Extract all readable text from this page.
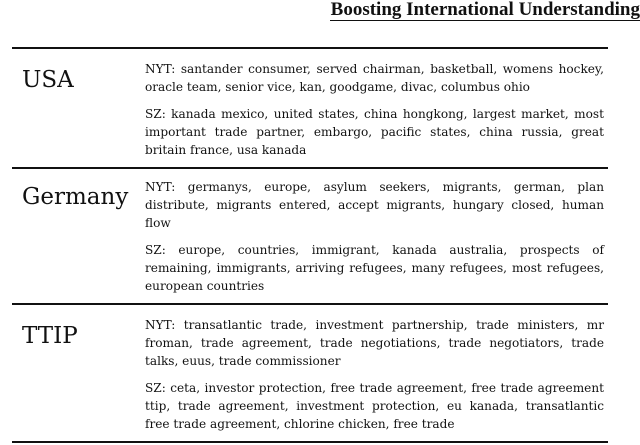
Boosting International Understanding
USA	NYT: santander consumer, served chairman, basketball, womens hockey, oracle team, senior vice, kan, goodgame, divac, columbus ohio
SZ: kanada mexico, united states, china hongkong, largest market, most important trade partner, embargo, pacific states, china russia, great britain france, usa kanada
Germany	NYT: germanys, europe, asylum seekers, migrants, german, plan distribute, migrants entered, accept migrants, hungary closed, human flow
SZ: europe, countries, immigrant, kanada australia, prospects of remaining, immigrants, arriving refugees, many refugees, most refugees, european countries
TTIP	NYT: transatlantic trade, investment partnership, trade ministers, mr froman, trade agreement, trade negotiations, trade negotiators, trade talks, euus, trade commissioner
SZ: ceta, investor protection, free trade agreement, free trade agreement ttip, trade agreement, investment protection, eu kanada, transatlantic free trade agreement, chlorine chicken, free trade
